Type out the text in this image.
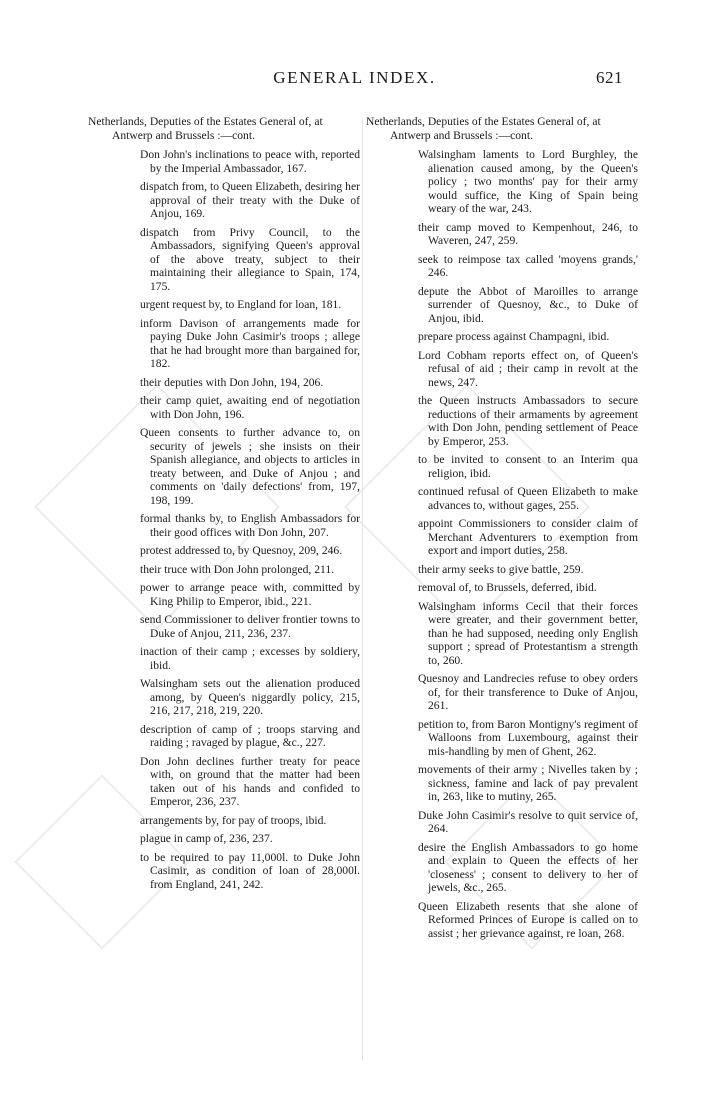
GENERAL INDEX.	621
Netherlands, Deputies of the Estates General of, at Antwerp and Brussels :—cont.
Don John's inclinations to peace with, reported by the Imperial Ambassador, 167.
dispatch from, to Queen Elizabeth, desiring her approval of their treaty with the Duke of Anjou, 169.
dispatch from Privy Council, to the Ambassadors, signifying Queen's approval of the above treaty, subject to their maintaining their allegiance to Spain, 174, 175.
urgent request by, to England for loan, 181.
inform Davison of arrangements made for paying Duke John Casimir's troops ; allege that he had brought more than bargained for, 182.
their deputies with Don John, 194, 206.
their camp quiet, awaiting end of negotiation with Don John, 196.
Queen consents to further advance to, on security of jewels ; she insists on their Spanish allegiance, and objects to articles in treaty between, and Duke of Anjou ; and comments on 'daily defections' from, 197, 198, 199.
formal thanks by, to English Ambassadors for their good offices with Don John, 207.
protest addressed to, by Quesnoy, 209, 246.
their truce with Don John prolonged, 211.
power to arrange peace with, committed by King Philip to Emperor, ibid., 221.
send Commissioner to deliver frontier towns to Duke of Anjou, 211, 236, 237.
inaction of their camp ; excesses by soldiery, ibid.
Walsingham sets out the alienation produced among, by Queen's niggardly policy, 215, 216, 217, 218, 219, 220.
description of camp of ; troops starving and raiding ; ravaged by plague, &c., 227.
Don John declines further treaty for peace with, on ground that the matter had been taken out of his hands and confided to Emperor, 236, 237.
arrangements by, for pay of troops, ibid.
plague in camp of, 236, 237.
to be required to pay 11,000l. to Duke John Casimir, as condition of loan of 28,000l. from England, 241, 242.
Netherlands, Deputies of the Estates General of, at Antwerp and Brussels :—cont.
Walsingham laments to Lord Burghley, the alienation caused among, by the Queen's policy ; two months' pay for their army would suffice, the King of Spain being weary of the war, 243.
their camp moved to Kempenhout, 246, to Waveren, 247, 259.
seek to reimpose tax called 'moyens grands,' 246.
depute the Abbot of Maroilles to arrange surrender of Quesnoy, &c., to Duke of Anjou, ibid.
prepare process against Champagni, ibid.
Lord Cobham reports effect on, of Queen's refusal of aid ; their camp in revolt at the news, 247.
the Queen instructs Ambassadors to secure reductions of their armaments by agreement with Don John, pending settlement of Peace by Emperor, 253.
to be invited to consent to an Interim qua religion, ibid.
continued refusal of Queen Elizabeth to make advances to, without gages, 255.
appoint Commissioners to consider claim of Merchant Adventurers to exemption from export and import duties, 258.
their army seeks to give battle, 259.
removal of, to Brussels, deferred, ibid.
Walsingham informs Cecil that their forces were greater, and their government better, than he had supposed, needing only English support ; spread of Protestantism a strength to, 260.
Quesnoy and Landrecies refuse to obey orders of, for their transference to Duke of Anjou, 261.
petition to, from Baron Montigny's regiment of Walloons from Luxembourg, against their mis-handling by men of Ghent, 262.
movements of their army ; Nivelles taken by ; sickness, famine and lack of pay prevalent in, 263, like to mutiny, 265.
Duke John Casimir's resolve to quit service of, 264.
desire the English Ambassadors to go home and explain to Queen the effects of her 'closeness' ; consent to delivery to her of jewels, &c., 265.
Queen Elizabeth resents that she alone of Reformed Princes of Europe is called on to assist ; her grievance against, re loan, 268.
